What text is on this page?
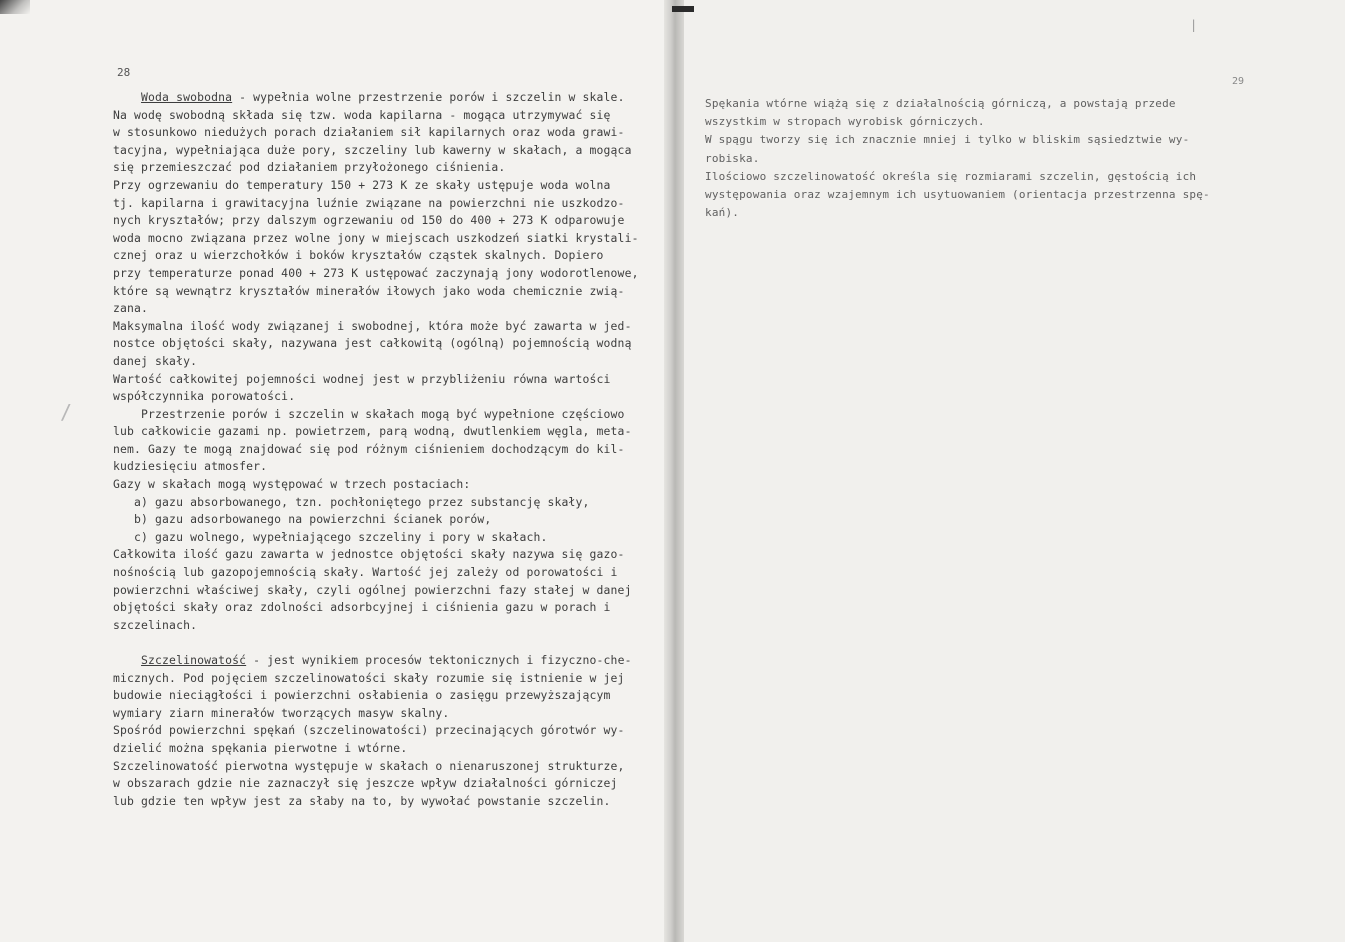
28
29
Woda swobodna - wypełnia wolne przestrzenie porów i szczelin w skale.
Na wodę swobodną składa się tzw. woda kapilarna - mogąca utrzymywać się
w stosunkowo niedużych porach działaniem sił kapilarnych oraz woda grawi-
tacyjna, wypełniająca duże pory, szczeliny lub kawerny w skałach, a mogąca
się przemieszczać pod działaniem przyłożonego ciśnienia.
Przy ogrzewaniu do temperatury 150 + 273 K ze skały ustępuje woda wolna
tj. kapilarna i grawitacyjna luźnie związane na powierzchni nie uszkodzo-
nych kryształów; przy dalszym ogrzewaniu od 150 do 400 + 273 K odparowuje
woda mocno związana przez wolne jony w miejscach uszkodzeń siatki krystali-
cznej oraz u wierzchołków i boków kryształów cząstek skalnych. Dopiero
przy temperaturze ponad 400 + 273 K ustępować zaczynają jony wodorotlenowe,
które są wewnątrz kryształów minerałów iłowych jako woda chemicznie zwią-
zana.
Maksymalna ilość wody związanej i swobodnej, która może być zawarta w jed-
nostce objętości skały, nazywana jest całkowitą (ogólną) pojemnością wodną
danej skały.
Wartość całkowitej pojemności wodnej jest w przybliżeniu równa wartości
współczynnika porowatości.
Przestrzenie porów i szczelin w skałach mogą być wypełnione częściowo
lub całkowicie gazami np. powietrzem, parą wodną, dwutlenkiem węgla, meta-
nem. Gazy te mogą znajdować się pod różnym ciśnieniem dochodzącym do kil-
kudziesięciu atmosfer.
Gazy w skałach mogą występować w trzech postaciach:
a) gazu absorbowanego, tzn. pochłoniętego przez substancję skały,
b) gazu adsorbowanego na powierzchni ścianek porów,
c) gazu wolnego, wypełniającego szczeliny i pory w skałach.
Całkowita ilość gazu zawarta w jednostce objętości skały nazywa się gazo-
nośnością lub gazopojemnością skały. Wartość jej zależy od porowatości i
powierzchni właściwej skały, czyli ogólnej powierzchni fazy stałej w danej
objętości skały oraz zdolności adsorbcyjnej i ciśnienia gazu w porach i
szczelinach.
Szczelinowatość - jest wynikiem procesów tektonicznych i fizyczno-che-
micznych. Pod pojęciem szczelinowatości skały rozumie się istnienie w jej
budowie nieciągłości i powierzchni osłabienia o zasięgu przewyższającym
wymiary ziarn minerałów tworzących masyw skalny.
Spośród powierzchni spękań (szczelinowatości) przecinających górotwór wy-
dzielić można spękania pierwotne i wtórne.
Szczelinowatość pierwotna występuje w skałach o nienaruszonej strukturze,
w obszarach gdzie nie zaznaczył się jeszcze wpływ działalności górniczej
lub gdzie ten wpływ jest za słaby na to, by wywołać powstanie szczelin.
Spękania wtórne wiążą się z działalnością górniczą, a powstają przede
wszystkim w stropach wyrobisk górniczych.
W spągu tworzy się ich znacznie mniej i tylko w bliskim sąsiedztwie wy-
robiska.
Ilościowo szczelinowatość określa się rozmiarami szczelin, gęstością ich
występowania oraz wzajemnym ich usytuowaniem (orientacja przestrzenna spę-
kań).
|
/
